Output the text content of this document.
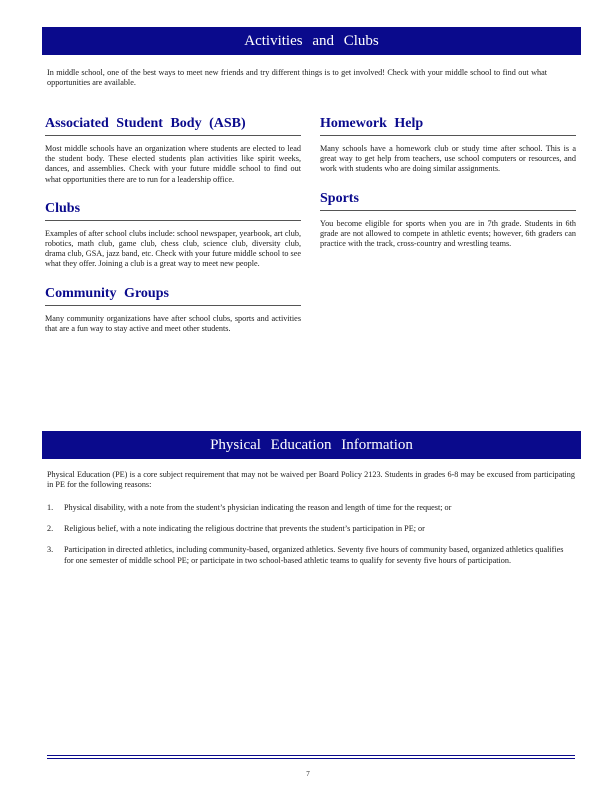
Activities and Clubs

In middle school, one of the best ways to meet new friends and try different things is to get involved! Check with your middle school to find out what opportunities are available.

Associated Student Body (ASB)

Most middle schools have an organization where students are elected to lead the student body. These elected students plan activities like spirit weeks, dances, and assemblies. Check with your future middle school to find out what opportunities there are to run for a leadership office.

Clubs

Examples of after school clubs include: school newspaper, yearbook, art club, robotics, math club, game club, chess club, science club, diversity club, drama club, GSA, jazz band, etc. Check with your future middle school to see what they offer. Joining a club is a great way to meet new people.

Community Groups

Many community organizations have after school clubs, sports and activities that are a fun way to stay active and meet other students.

Homework Help

Many schools have a homework club or study time after school. This is a great way to get help from teachers, use school computers or resources, and work with students who are doing similar assignments.

Sports

You become eligible for sports when you are in 7th grade. Students in 6th grade are not allowed to compete in athletic events; however, 6th graders can practice with the track, cross-country and wrestling teams.

Physical Education Information

Physical Education (PE) is a core subject requirement that may not be waived per Board Policy 2123. Students in grades 6-8 may be excused from participating in PE for the following reasons:

1.	Physical disability, with a note from the student’s physician indicating the reason and length of time for the request; or

2.	Religious belief, with a note indicating the religious doctrine that prevents the student’s participation in PE; or

3.	Participation in directed athletics, including community-based, organized athletics. Seventy five hours of community based, organized athletics qualifies for one semester of middle school PE; or participate in two school-based athletic teams to qualify for seventy five hours of participation.

7
